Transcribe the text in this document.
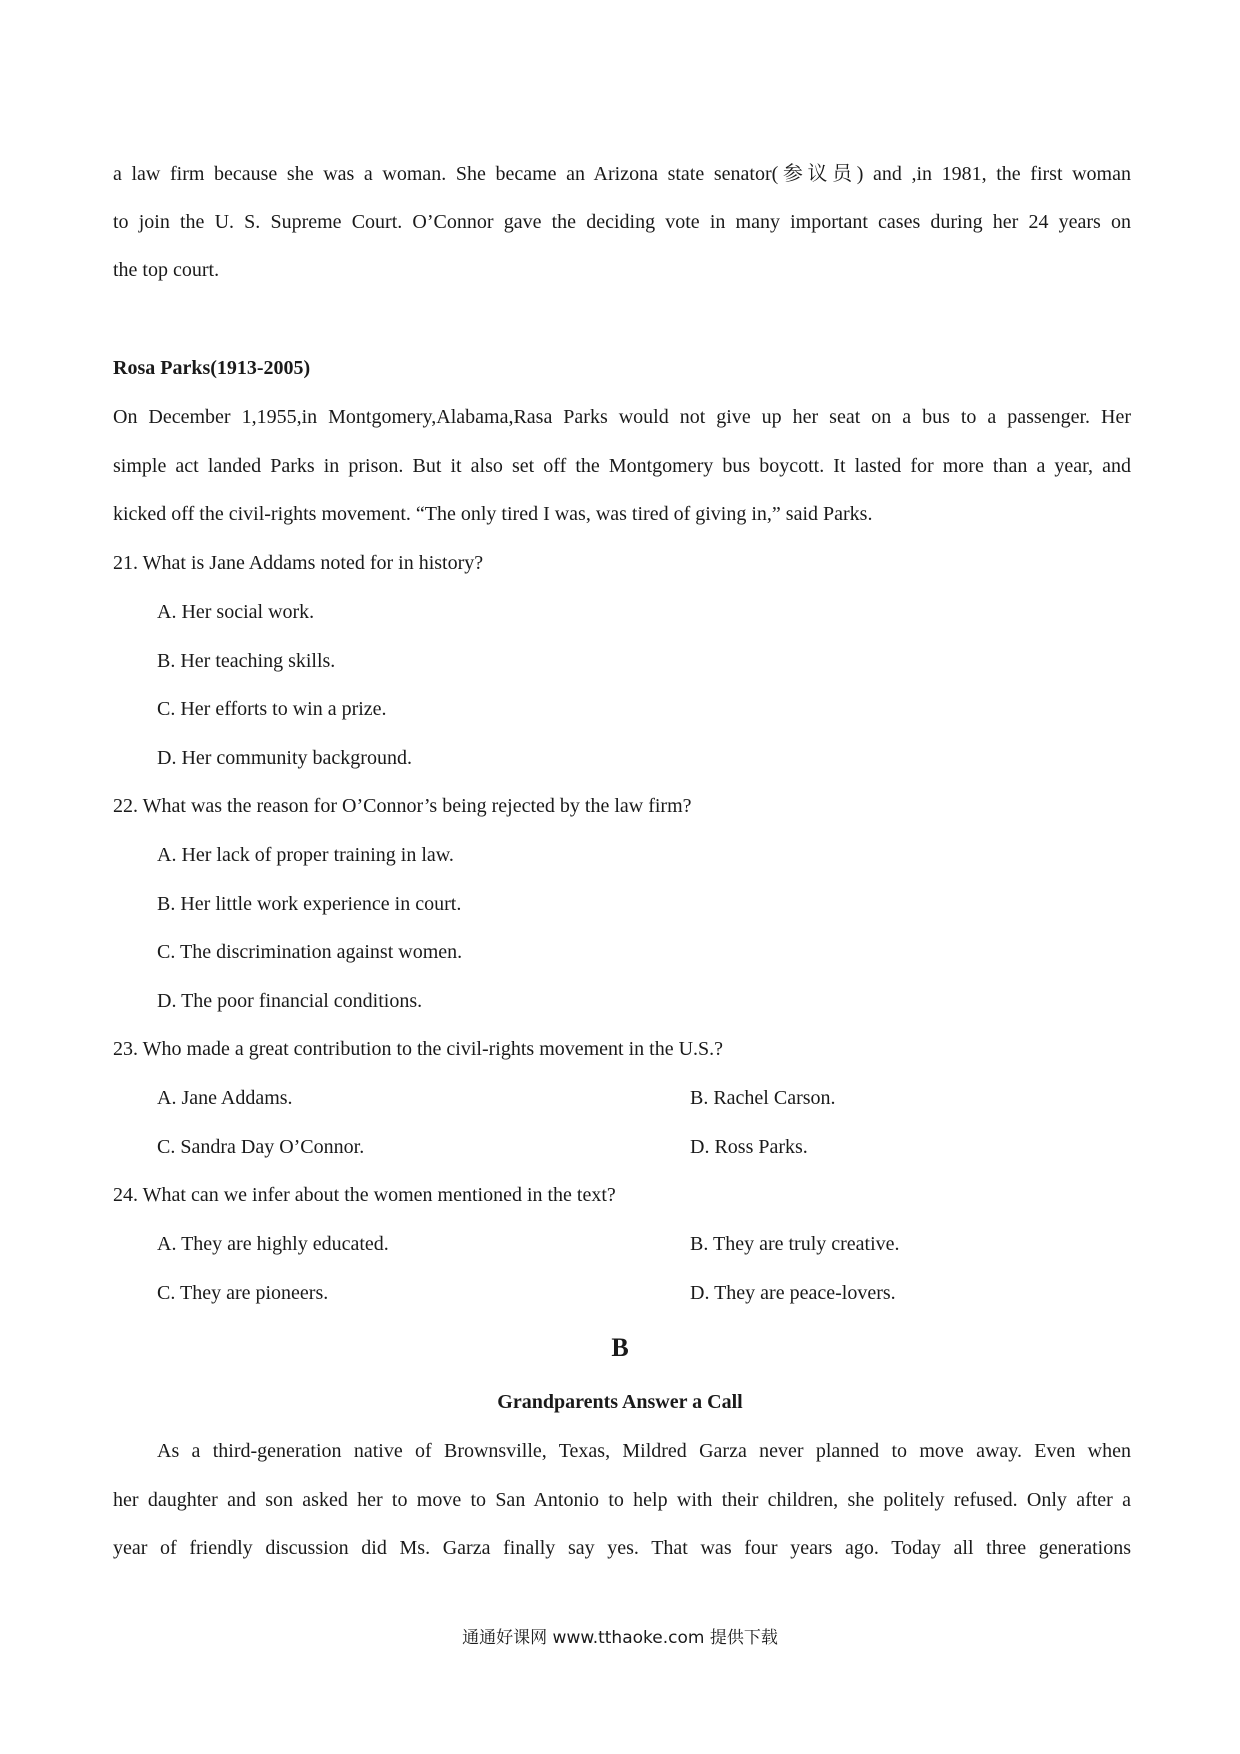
a law firm because she was a woman. She became an Arizona state senator(参议员) and ,in 1981, the first woman
to join the U. S. Supreme Court. O’Connor gave the deciding vote in many important cases during her 24 years on
the top court.
Rosa Parks(1913-2005)
On December 1,1955,in Montgomery,Alabama,Rasa Parks would not give up her seat on a bus to a passenger. Her
simple act landed Parks in prison. But it also set off the Montgomery bus boycott. It lasted for more than a year, and
kicked off the civil-rights movement. “The only tired I was, was tired of giving in,” said Parks.
21. What is Jane Addams noted for in history?
A. Her social work.
B. Her teaching skills.
C. Her efforts to win a prize.
D. Her community background.
22. What was the reason for O’Connor’s being rejected by the law firm?
A. Her lack of proper training in law.
B. Her little work experience in court.
C. The discrimination against women.
D. The poor financial conditions.
23. Who made a great contribution to the civil-rights movement in the U.S.?
A. Jane Addams.	B. Rachel Carson.
C. Sandra Day O’Connor.	D. Ross Parks.
24. What can we infer about the women mentioned in the text?
A. They are highly educated.	B. They are truly creative.
C. They are pioneers.	D. They are peace-lovers.
B
Grandparents Answer a Call
As a third-generation native of Brownsville, Texas, Mildred Garza never planned to move away. Even when
her daughter and son asked her to move to San Antonio to help with their children, she politely refused. Only after a
year of friendly discussion did Ms. Garza finally say yes. That was four years ago. Today all three generations
通通好课网 www.tthaoke.com 提供下载
